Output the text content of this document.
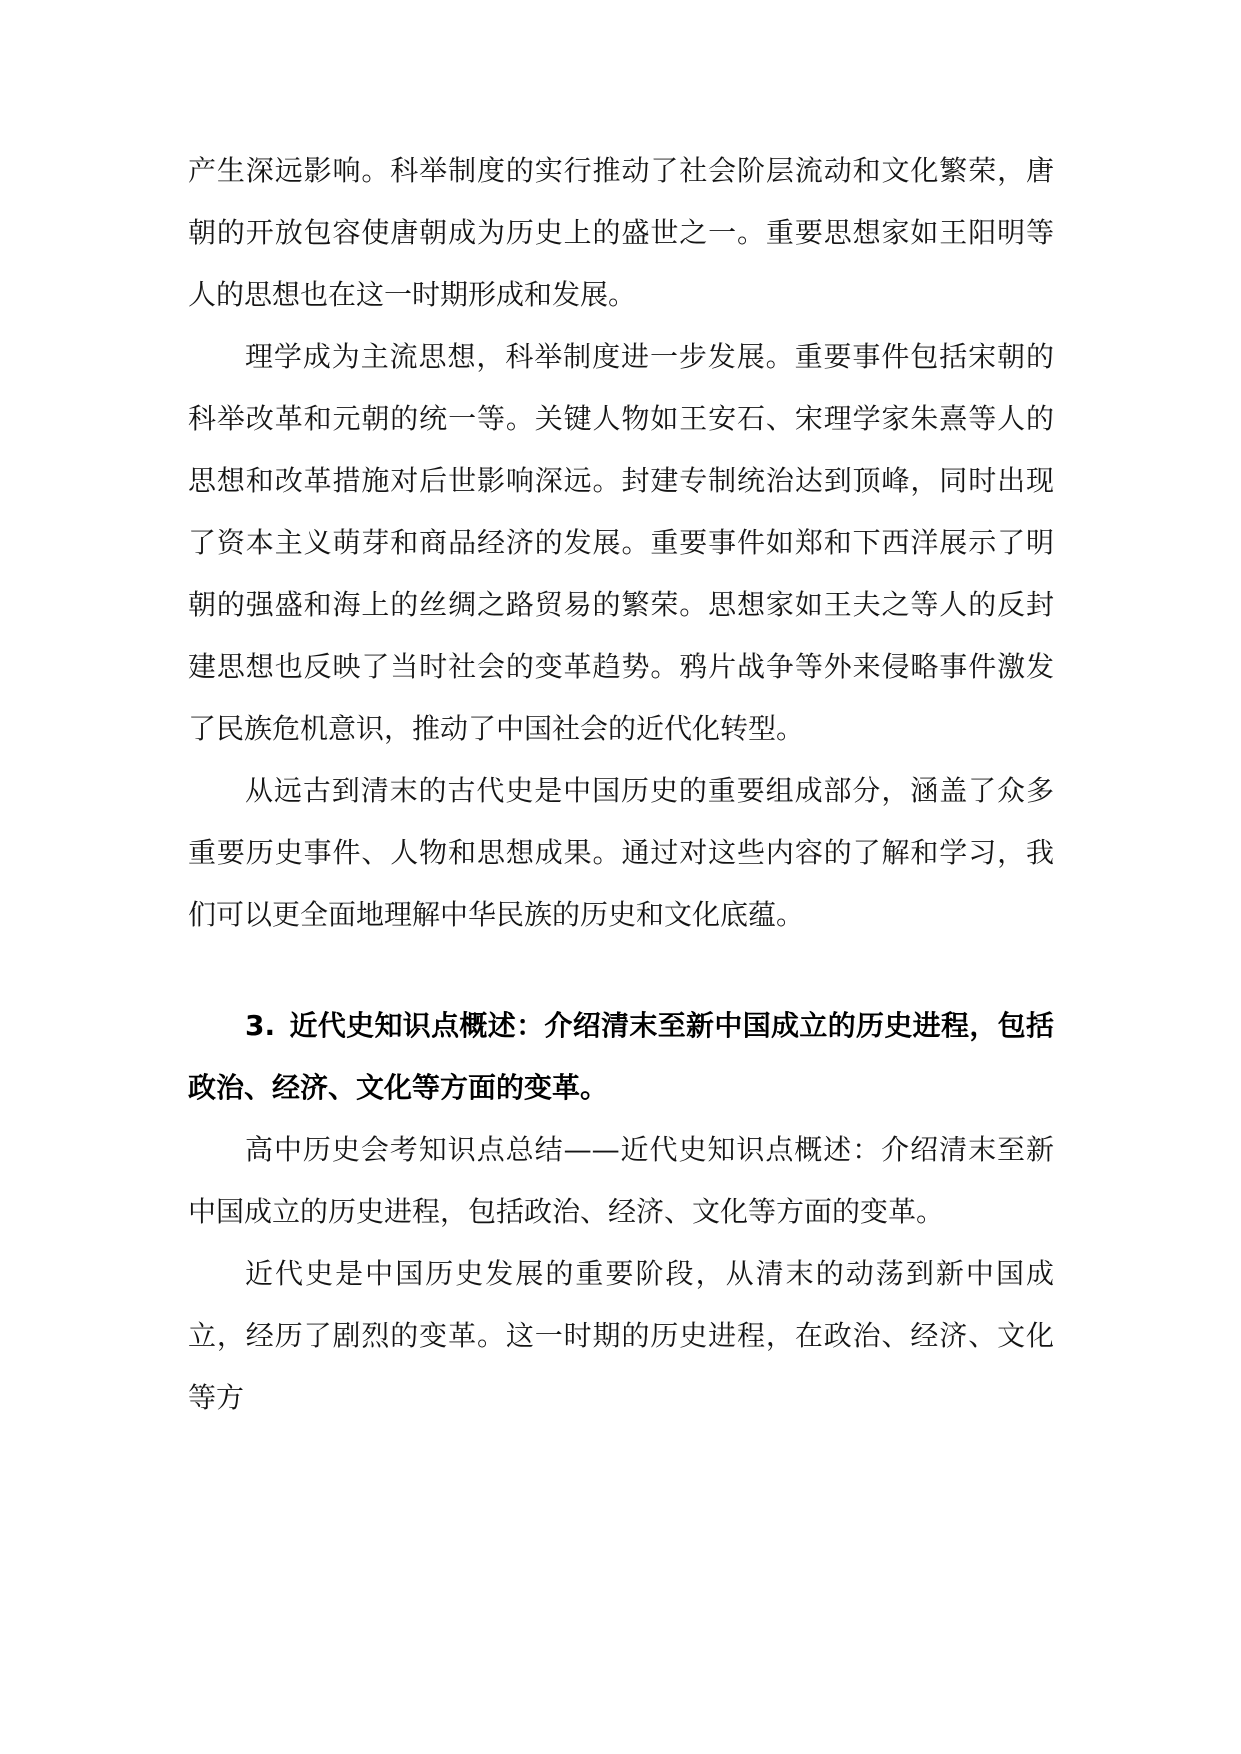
产生深远影响。科举制度的实行推动了社会阶层流动和文化繁荣，唐朝的开放包容使唐朝成为历史上的盛世之一。重要思想家如王阳明等人的思想也在这一时期形成和发展。

理学成为主流思想，科举制度进一步发展。重要事件包括宋朝的科举改革和元朝的统一等。关键人物如王安石、宋理学家朱熹等人的思想和改革措施对后世影响深远。封建专制统治达到顶峰，同时出现了资本主义萌芽和商品经济的发展。重要事件如郑和下西洋展示了明朝的强盛和海上的丝绸之路贸易的繁荣。思想家如王夫之等人的反封建思想也反映了当时社会的变革趋势。鸦片战争等外来侵略事件激发了民族危机意识，推动了中国社会的近代化转型。

从远古到清末的古代史是中国历史的重要组成部分，涵盖了众多重要历史事件、人物和思想成果。通过对这些内容的了解和学习，我们可以更全面地理解中华民族的历史和文化底蕴。

3. 近代史知识点概述：介绍清末至新中国成立的历史进程，包括政治、经济、文化等方面的变革。

高中历史会考知识点总结——近代史知识点概述：介绍清末至新中国成立的历史进程，包括政治、经济、文化等方面的变革。

近代史是中国历史发展的重要阶段，从清末的动荡到新中国成立，经历了剧烈的变革。这一时期的历史进程，在政治、经济、文化等方
